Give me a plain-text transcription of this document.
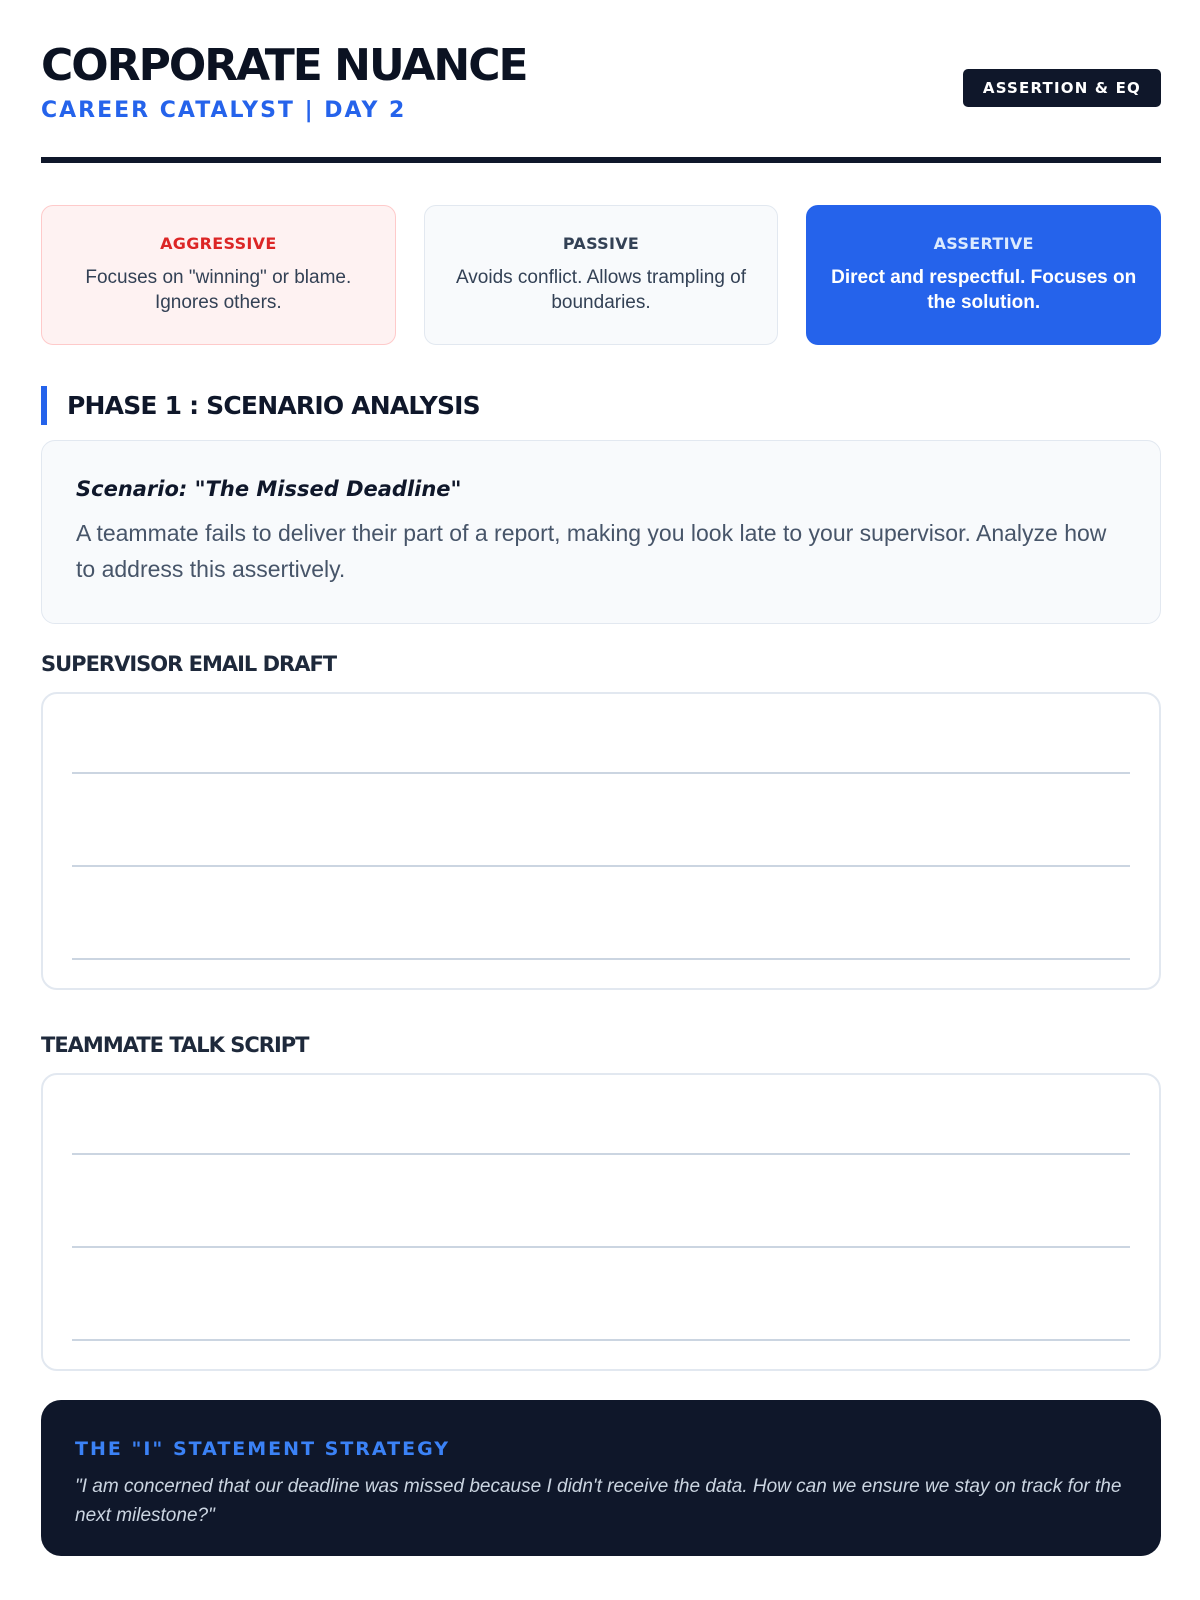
CORPORATE NUANCE
CAREER CATALYST | DAY 2
ASSERTION & EQ
AGGRESSIVE
Focuses on "winning" or blame. Ignores others.
PASSIVE
Avoids conflict. Allows trampling of boundaries.
ASSERTIVE
Direct and respectful. Focuses on the solution.
PHASE 1 : SCENARIO ANALYSIS
Scenario: "The Missed Deadline"
A teammate fails to deliver their part of a report, making you look late to your supervisor. Analyze how to address this assertively.
SUPERVISOR EMAIL DRAFT
TEAMMATE TALK SCRIPT
THE "I" STATEMENT STRATEGY
"I am concerned that our deadline was missed because I didn't receive the data. How can we ensure we stay on track for the next milestone?"
